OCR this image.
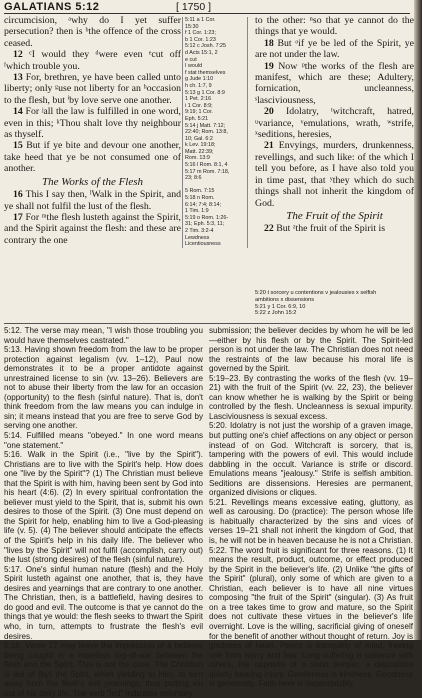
GALATIANS 5:12	[ 1750 ]

circumcision, ᵃwhy do I yet suffer persecution? then is ᵇthe offence of the cross ceased.

12 ᶜI would they ᵈwere even ᵉcut off ᶠwhich trouble you.

13 For, brethren, ye have been called unto liberty; only ᵍuse not liberty for an ʰoccasion to the flesh, but ⁱby love serve one another.

14 For ʲall the law is fulfilled in one word, even in this; ᵏThou shalt love thy neighbour as thyself.

15 But if ye bite and devour one another, take heed that ye be not consumed one of another.

The Works of the Flesh

16 This I say then, ˡWalk in the Spirit, and ye shall not fulfil the lust of the flesh.

17 For ᵐthe flesh lusteth against the Spirit, and the Spirit against the flesh: and these are contrary the one

5:11 a 1 Cor.
15:30
f 1 Cor. 1:23;
b 1 Cor. 1:23
5:12 c Josh. 7:25
d Acts 15:1, 2
e cut
I would
f stat themselves
g Jude 1:10
h ch. 1:7, 9
5:13 g 1 Cor. 8:9
1 Pet. 2:16
i 1 Cor. 8:9;
9:19; 1 Cor.
Eph. 5:21
5:14 j Matt. 7:12;
22:40; Rom. 13:8,
10; Gal. 6:2
k Lev. 19:18;
Matt. 22:39;
Rom. 13:9
5:16 l Rom. 8:1, 4
5:17 m Rom. 7:18,
23; 8:6

5 Rom. 7:15
5:18 n Rom.
6:14; 7:4; 8:14;
1 Tim. 1:9
5:19 o Rom. 1:26-
31; Eph. 5:3, 11;
2 Tim. 3:2-4
Lewdness
Licentiousness

to the other: ⁿso that ye cannot do the things that ye would.

18 But ᵒif ye be led of the Spirit, ye are not under the law.

19 Now ᵖthe works of the flesh are manifest, which are these; Adultery, fornication, uncleanness, ˢlasciviousness,

20 Idolatry, ᵗwitchcraft, hatred, ᵘvariance, ᵛemulations, wrath, ʷstrife, ˣseditions, heresies,

21 Envyings, murders, drunkenness, revellings, and such like: of the which I tell you before, as I have also told you in time past, that ʸthey which do such things shall not inherit the kingdom of God.

The Fruit of the Spirit

22 But ᶻthe fruit of the Spirit is

5:20 t sorcery u contentions v jealousies x selfish
ambitions x dissensions
5:21 y 1 Cor. 6:9, 10
5:22 z John 15:2

5:12. The verse may mean, "I wish those troubling you would have themselves castrated."

5:13. Having shown freedom from the law to be proper protection against legalism (vv. 1–12), Paul now demonstrates it to be a proper antidote against unrestrained license to sin (vv. 13–26). Believers are not to abuse their liberty from the law for an occasion (opportunity) to the flesh (sinful nature). That is, don't think freedom from the law means you can indulge in sin; it means instead that you are free to serve God by serving one another.

5:14. Fulfilled means "obeyed." In one word means "one statement."

5:16. Walk in the Spirit (i.e., "live by the Spirit"). Christians are to live with the Spirit's help. How does one "live by the Spirit"? (1) The Christian must believe that the Spirit is with him, having been sent by God into his heart (4:6). (2) In every spiritual confrontation the believer must yield to the Spirit, that is, submit his own desires to those of the Spirit. (3) One must depend on the Spirit for help, enabling him to live a God-pleasing life (v. 5). (4) The believer should anticipate the effects of the Spirit's help in his daily life. The believer who "lives by the Spirit" will not fulfil (accomplish, carry out) the lust (strong desires) of the flesh (sinful nature).

5:17. One's sinful human nature (flesh) and the Holy Spirit lusteth against one another, that is, they have desires and yearnings that are contrary to one another. The Christian, then, is a battlefield, having desires to do good and evil. The outcome is that ye cannot do the things that ye would: the flesh seeks to thwart the Spirit who, in turn, attempts to frustrate the flesh's evil desires.

5:18. Verse 17 may leave the impression of a believer being caught in a hopeless tug-of-war between the flesh and the Spirit. This is not the case: The Christian is led of (by) the Spirit, when yielding to Him, to turn away from the flesh's evil yearnings, thus putting sin out of his daily life. The verb "led" indicates voluntary

submission; the believer decides by whom he will be led—either by his flesh or by the Spirit. The Spirit-led person is not under the law. The Christian does not need the restraints of the law because his moral life is governed by the Spirit.

5:19–23. By contrasting the works of the flesh (vv. 19–21) with the fruit of the Spirit (vv. 22, 23), the believer can know whether he is walking by the Spirit or being controlled by the flesh. Uncleanness is sexual impurity. Lasciviousness is sexual excess.

5:20. Idolatry is not just the worship of a graven image, but putting one's chief affections on any object or person instead of on God. Witchcraft is sorcery, that is, tampering with the powers of evil. This would include dabbling in the occult. Variance is strife or discord. Emulations means "jealousy." Strife is selfish ambition. Seditions are dissensions. Heresies are permanent, organized divisions or cliques.

5:21. Revellings means excessive eating, gluttony, as well as carousing. Do (practice): The person whose life is habitually characterized by the sins and vices of verses 19–21 shall not inherit the kingdom of God, that is, he will not be in heaven because he is not a Christian.

5:22. The word fruit is significant for three reasons. (1) It means the result, product, outcome, or effect produced by the Spirit in the believer's life. (2) Unlike "the gifts of the Spirit" (plural), only some of which are given to a Christian, each believer is to have all nine virtues composing "the fruit of the Spirit" (singular). (3) As fruit on a tree takes time to grow and mature, so the Spirit does not cultivate these virtues in the believer's life overnight. Love is the willing, sacrificial giving of oneself for the benefit of another without thought of return. Joy is gladness of heart. Peace is tranquility of mind, freeing one from worry and fear. Long-suffering is patience with others, the opposite of a short temper, a disposition quietly bearing injury. Gentleness is kindness. Goodness is generosity. Faith here is dependability.
